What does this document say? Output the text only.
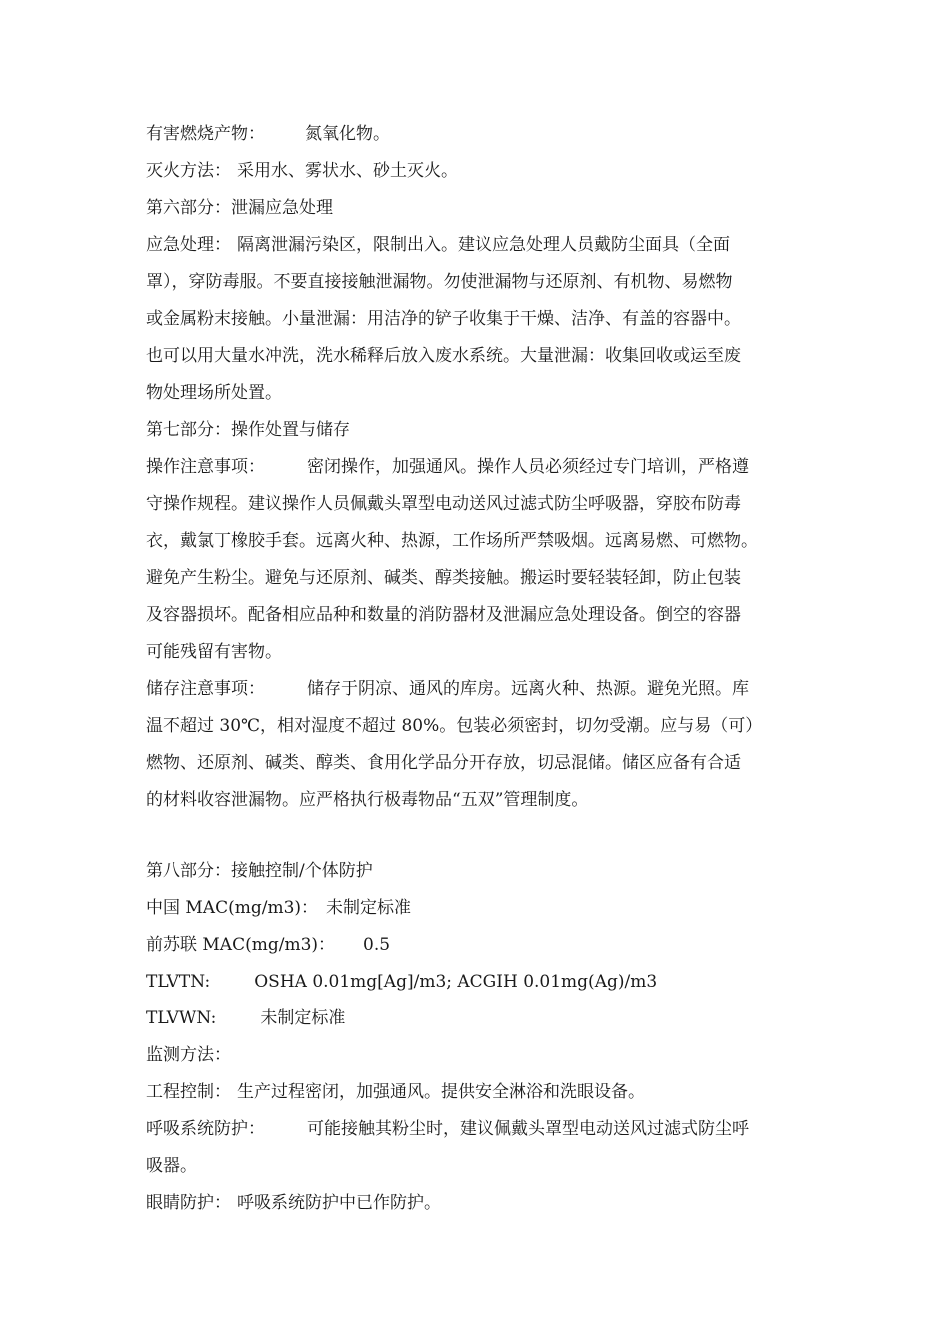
有害燃烧产物： 氮氧化物。
灭火方法： 采用水、雾状水、砂土灭火。
第六部分：泄漏应急处理
应急处理： 隔离泄漏污染区，限制出入。建议应急处理人员戴防尘面具（全面
罩），穿防毒服。不要直接接触泄漏物。勿使泄漏物与还原剂、有机物、易燃物
或金属粉末接触。小量泄漏：用洁净的铲子收集于干燥、洁净、有盖的容器中。
也可以用大量水冲洗，洗水稀释后放入废水系统。大量泄漏：收集回收或运至废
物处理场所处置。
第七部分：操作处置与储存
操作注意事项： 密闭操作，加强通风。操作人员必须经过专门培训，严格遵
守操作规程。建议操作人员佩戴头罩型电动送风过滤式防尘呼吸器，穿胶布防毒
衣，戴氯丁橡胶手套。远离火种、热源，工作场所严禁吸烟。远离易燃、可燃物。
避免产生粉尘。避免与还原剂、碱类、醇类接触。搬运时要轻装轻卸，防止包装
及容器损坏。配备相应品种和数量的消防器材及泄漏应急处理设备。倒空的容器
可能残留有害物。
储存注意事项： 储存于阴凉、通风的库房。远离火种、热源。避免光照。库
温不超过 30℃，相对湿度不超过 80%。包装必须密封，切勿受潮。应与易（可）
燃物、还原剂、碱类、醇类、食用化学品分开存放，切忌混储。储区应备有合适
的材料收容泄漏物。应严格执行极毒物品“五双”管理制度。
第八部分：接触控制/个体防护
中国 MAC(mg/m3)： 未制定标准
前苏联 MAC(mg/m3)： 0.5
TLVTN:	OSHA 0.01mg[Ag]/m3; ACGIH 0.01mg(Ag)/m3
TLVWN:	未制定标准
监测方法：
工程控制： 生产过程密闭，加强通风。提供安全淋浴和洗眼设备。
呼吸系统防护： 可能接触其粉尘时，建议佩戴头罩型电动送风过滤式防尘呼
吸器。
眼睛防护： 呼吸系统防护中已作防护。
